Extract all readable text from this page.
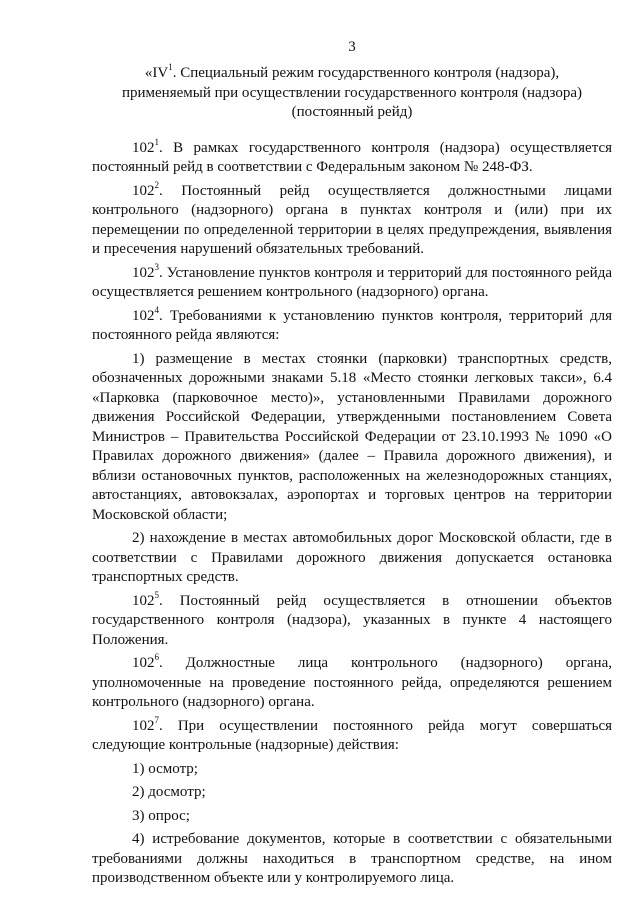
3
«$IV^1$. Специальный режим государственного контроля (надзора),
применяемый при осуществлении государственного контроля (надзора)
(постоянный рейд)

$102^1$. В рамках государственного контроля (надзора) осуществляется постоянный рейд в соответствии с Федеральным законом № 248-ФЗ.

$102^2$. Постоянный рейд осуществляется должностными лицами контрольного (надзорного) органа в пунктах контроля и (или) при их перемещении по определенной территории в целях предупреждения, выявления и пресечения нарушений обязательных требований.

$102^3$. Установление пунктов контроля и территорий для постоянного рейда осуществляется решением контрольного (надзорного) органа.

$102^4$. Требованиями к установлению пунктов контроля, территорий для постоянного рейда являются:

1) размещение в местах стоянки (парковки) транспортных средств, обозначенных дорожными знаками 5.18 «Место стоянки легковых такси», 6.4 «Парковка (парковочное место)», установленными Правилами дорожного движения Российской Федерации, утвержденными постановлением Совета Министров – Правительства Российской Федерации от 23.10.1993 № 1090 «О Правилах дорожного движения» (далее – Правила дорожного движения), и вблизи остановочных пунктов, расположенных на железнодорожных станциях, автостанциях, автовокзалах, аэропортах и торговых центров на территории Московской области;

2) нахождение в местах автомобильных дорог Московской области, где в соответствии с Правилами дорожного движения допускается остановка транспортных средств.

$102^5$. Постоянный рейд осуществляется в отношении объектов государственного контроля (надзора), указанных в пункте 4 настоящего Положения.

$102^6$. Должностные лица контрольного (надзорного) органа, уполномоченные на проведение постоянного рейда, определяются решением контрольного (надзорного) органа.

$102^7$. При осуществлении постоянного рейда могут совершаться следующие контрольные (надзорные) действия:

1) осмотр;

2) досмотр;

3) опрос;

4) истребование документов, которые в соответствии с обязательными требованиями должны находиться в транспортном средстве, на ином производственном объекте или у контролируемого лица.
